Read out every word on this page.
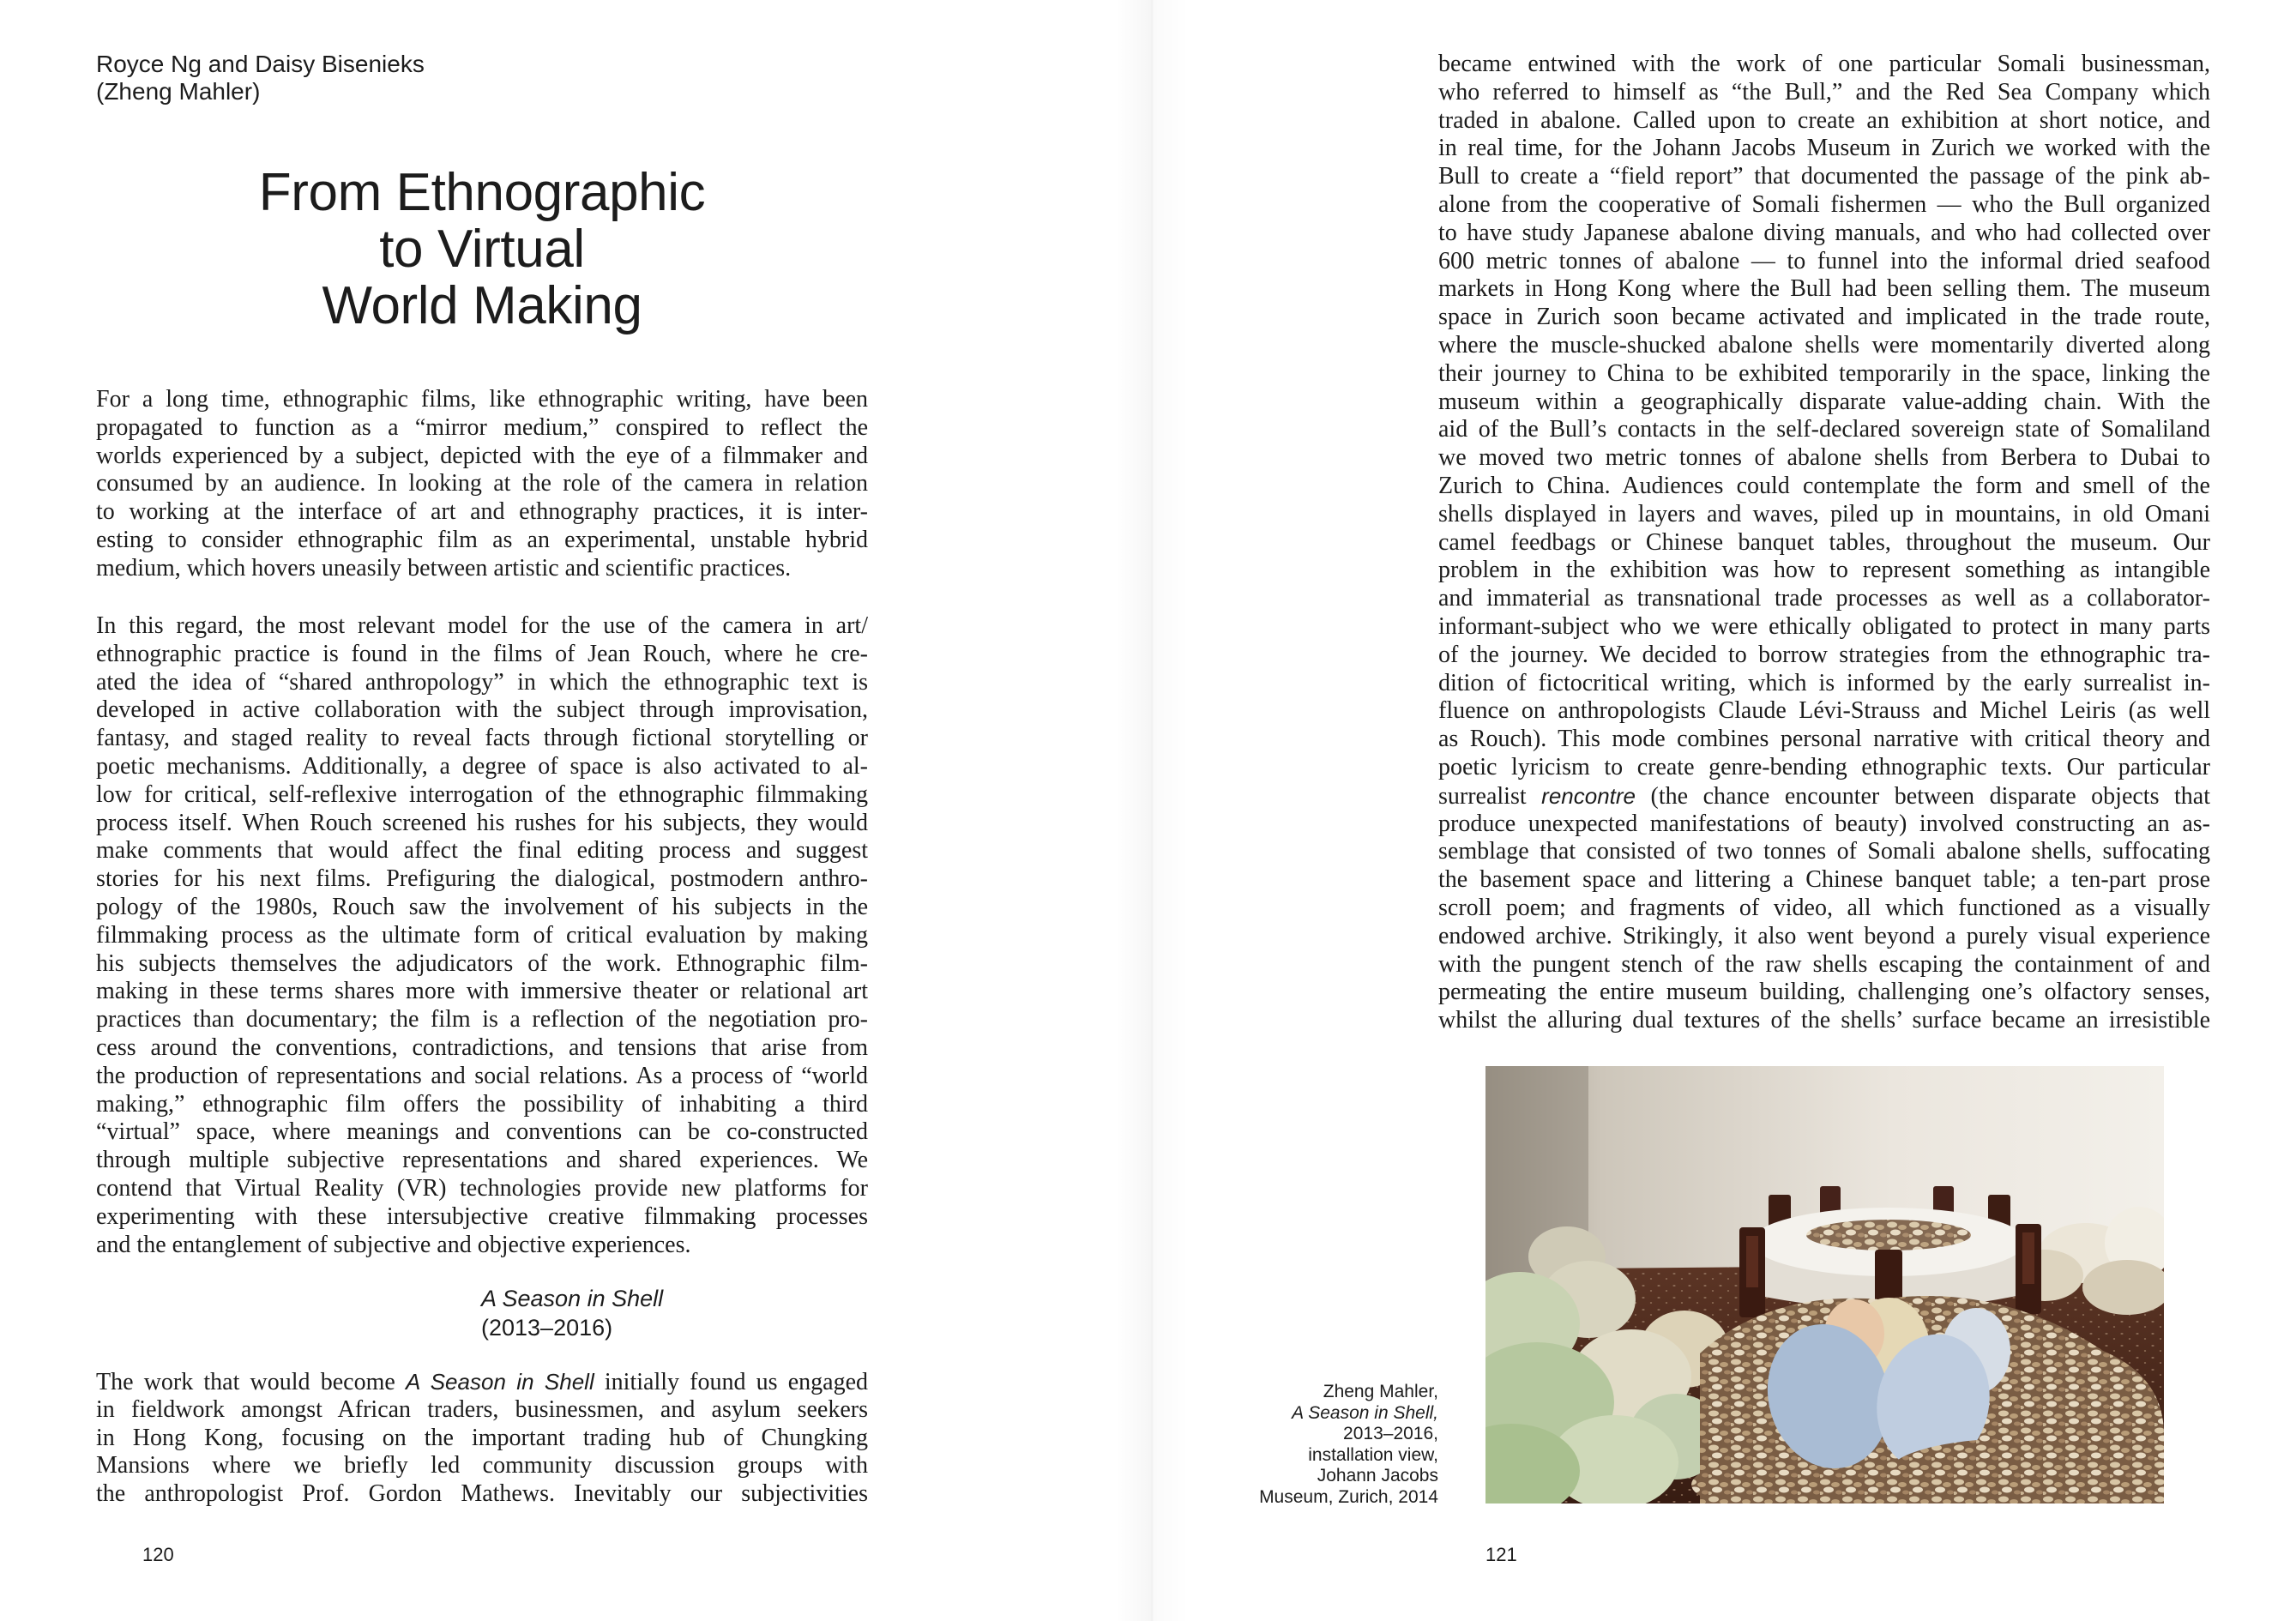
Royce Ng and Daisy Bisenieks
(Zheng Mahler)
From Ethnographic
to Virtual
World Making
For a long time, ethnographic films, like ethnographic writing, have been
propagated to function as a “mirror medium,” conspired to reflect the
worlds experienced by a subject, depicted with the eye of a filmmaker and
consumed by an audience. In looking at the role of the camera in relation
to working at the interface of art and ethnography practices, it is inter-
esting to consider ethnographic film as an experimental, unstable hybrid
medium, which hovers uneasily between artistic and scientific practices.
In this regard, the most relevant model for the use of the camera in art/
ethnographic practice is found in the films of Jean Rouch, where he cre-
ated the idea of “shared anthropology” in which the ethnographic text is
developed in active collaboration with the subject through improvisation,
fantasy, and staged reality to reveal facts through fictional storytelling or
poetic mechanisms. Additionally, a degree of space is also activated to al-
low for critical, self-reflexive interrogation of the ethnographic filmmaking
process itself. When Rouch screened his rushes for his subjects, they would
make comments that would affect the final editing process and suggest
stories for his next films. Prefiguring the dialogical, postmodern anthro-
pology of the 1980s, Rouch saw the involvement of his subjects in the
filmmaking process as the ultimate form of critical evaluation by making
his subjects themselves the adjudicators of the work. Ethnographic film-
making in these terms shares more with immersive theater or relational art
practices than documentary; the film is a reflection of the negotiation pro-
cess around the conventions, contradictions, and tensions that arise from
the production of representations and social relations. As a process of “world
making,” ethnographic film offers the possibility of inhabiting a third
“virtual” space, where meanings and conventions can be co-constructed
through multiple subjective representations and shared experiences. We
contend that Virtual Reality (VR) technologies provide new platforms for
experimenting with these intersubjective creative filmmaking processes
and the entanglement of subjective and objective experiences.
A Season in Shell
(2013–2016)
The work that would become A Season in Shell initially found us engaged
in fieldwork amongst African traders, businessmen, and asylum seekers
in Hong Kong, focusing on the important trading hub of Chungking
Mansions where we briefly led community discussion groups with
the anthropologist Prof. Gordon Mathews. Inevitably our subjectivities
120
became entwined with the work of one particular Somali businessman,
who referred to himself as “the Bull,” and the Red Sea Company which
traded in abalone. Called upon to create an exhibition at short notice, and
in real time, for the Johann Jacobs Museum in Zurich we worked with the
Bull to create a “field report” that documented the passage of the pink ab-
alone from the cooperative of Somali fishermen — who the Bull organized
to have study Japanese abalone diving manuals, and who had collected over
600 metric tonnes of abalone — to funnel into the informal dried seafood
markets in Hong Kong where the Bull had been selling them. The museum
space in Zurich soon became activated and implicated in the trade route,
where the muscle-shucked abalone shells were momentarily diverted along
their journey to China to be exhibited temporarily in the space, linking the
museum within a geographically disparate value-adding chain. With the
aid of the Bull’s contacts in the self-declared sovereign state of Somaliland
we moved two metric tonnes of abalone shells from Berbera to Dubai to
Zurich to China. Audiences could contemplate the form and smell of the
shells displayed in layers and waves, piled up in mountains, in old Omani
camel feedbags or Chinese banquet tables, throughout the museum. Our
problem in the exhibition was how to represent something as intangible
and immaterial as transnational trade processes as well as a collaborator-
informant-subject who we were ethically obligated to protect in many parts
of the journey. We decided to borrow strategies from the ethnographic tra-
dition of fictocritical writing, which is informed by the early surrealist in-
fluence on anthropologists Claude Lévi-Strauss and Michel Leiris (as well
as Rouch). This mode combines personal narrative with critical theory and
poetic lyricism to create genre-bending ethnographic texts. Our particular
surrealist rencontre (the chance encounter between disparate objects that
produce unexpected manifestations of beauty) involved constructing an as-
semblage that consisted of two tonnes of Somali abalone shells, suffocating
the basement space and littering a Chinese banquet table; a ten-part prose
scroll poem; and fragments of video, all which functioned as a visually
endowed archive. Strikingly, it also went beyond a purely visual experience
with the pungent stench of the raw shells escaping the containment of and
permeating the entire museum building, challenging one’s olfactory senses,
whilst the alluring dual textures of the shells’ surface became an irresistible
Zheng Mahler,
A Season in Shell,
2013–2016,
installation view,
Johann Jacobs
Museum, Zurich, 2014
121
